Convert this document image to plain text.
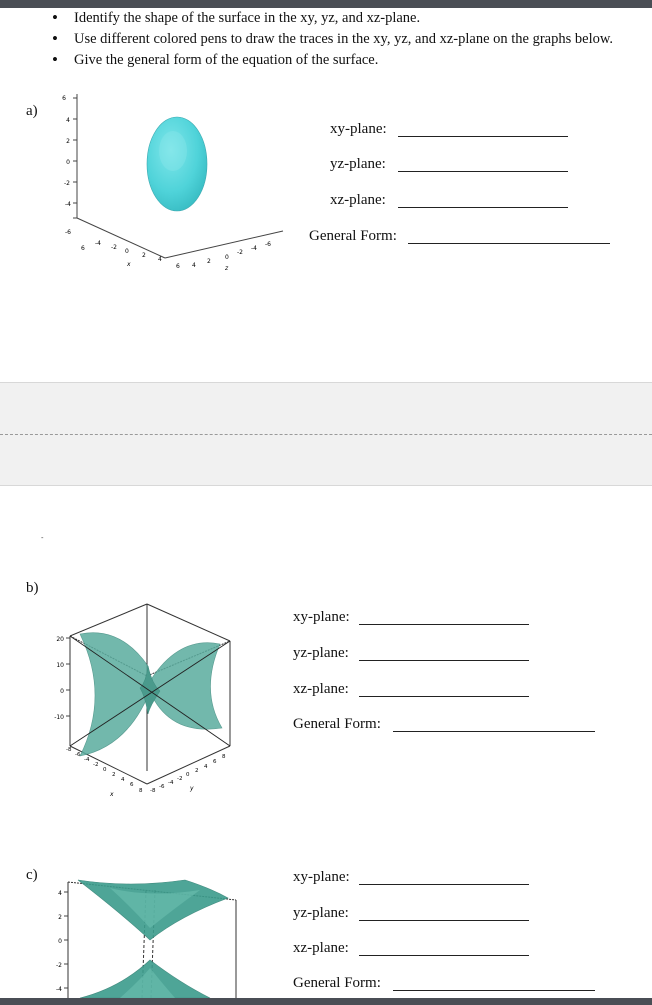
• Identify the shape of the surface in the xy, yz, and xz-plane.
• Use different colored pens to draw the traces in the xy, yz, and xz-plane on the graphs below.
• Give the general form of the equation of the surface.
a)
6
4
2
0
-2
-4
-6
6
-4
-2
0
2
4
6
x	4
2
0
-2
-4
-6
z
xy-plane:
yz-plane:
xz-plane:
General Form:
-
b)
20
10
0
-10
-8
-6
-4
-2
0
2
4
6
8
x	-8
-6
-4
-2
0
2
4
6
8
y
xy-plane:
yz-plane:
xz-plane:
General Form:
c)
4
2
0
-2
-4
xy-plane:
yz-plane:
xz-plane:
General Form:
